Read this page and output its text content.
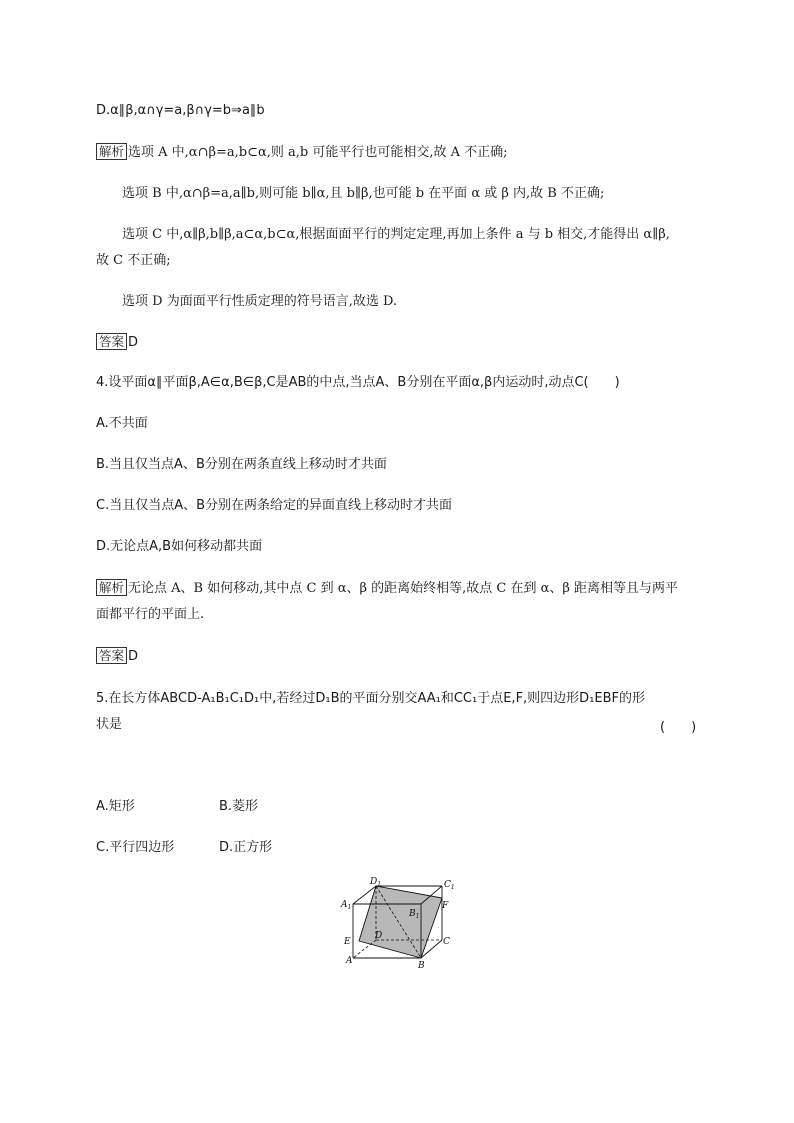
D.α∥β,α∩γ=a,β∩γ=b⇒a∥b
解析 选项 A 中,α∩β=a,b⊂α,则 a,b 可能平行也可能相交,故 A 不正确;
选项 B 中,α∩β=a,a∥b,则可能 b∥α,且 b∥β,也可能 b 在平面 α 或 β 内,故 B 不正确;
选项 C 中,α∥β,b∥β,a⊂α,b⊂α,根据面面平行的判定定理,再加上条件 a 与 b 相交,才能得出 α∥β,
故 C 不正确;
选项 D 为面面平行性质定理的符号语言,故选 D.
答案 D
4.设平面α∥平面β,A∈α,B∈β,C是AB的中点,当点A、B分别在平面α,β内运动时,动点C(　　)
A.不共面
B.当且仅当点A、B分别在两条直线上移动时才共面
C.当且仅当点A、B分别在两条给定的异面直线上移动时才共面
D.无论点A,B如何移动都共面
解析 无论点 A、B 如何移动,其中点 C 到 α、β 的距离始终相等,故点 C 在到 α、β 距离相等且与两平
面都平行的平面上.
答案 D
5.在长方体ABCD-A₁B₁C₁D₁中,若经过D₁B的平面分别交AA₁和CC₁于点E,F,则四边形D₁EBF的形
状是	(　　)
A.矩形	B.菱形
C.平行四边形	D.正方形
$D_1$	$C_1$
$A_1$
$B_1$
F
D
E	C
A	B
